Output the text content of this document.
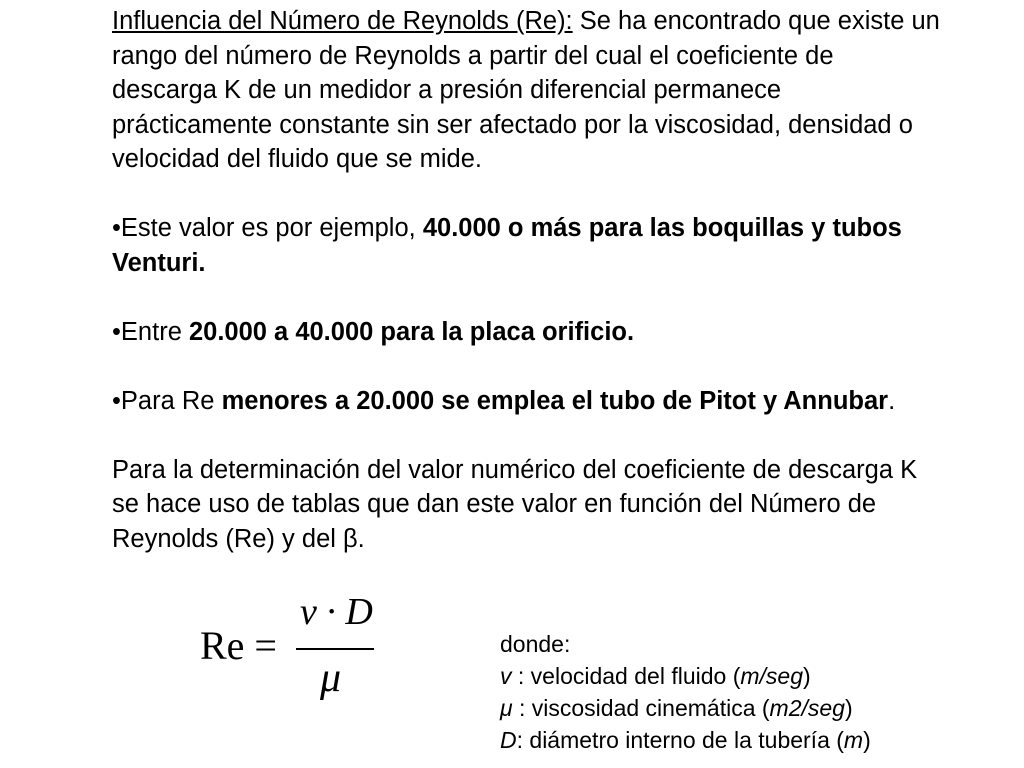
Influencia del Número de Reynolds (Re): Se ha encontrado que existe un rango del número de Reynolds a partir del cual el coeficiente de descarga K de un medidor a presión diferencial permanece prácticamente constante sin ser afectado por la viscosidad, densidad o velocidad del fluido que se mide.

•Este valor es por ejemplo, 40.000 o más para las boquillas y tubos Venturi.

•Entre 20.000 a 40.000 para la placa orificio.

•Para Re menores a 20.000 se emplea el tubo de Pitot y Annubar.

Para la determinación del valor numérico del coeficiente de descarga K se hace uso de tablas que dan este valor en función del Número de Reynolds (Re) y del β.

Re =
v · D
μ
donde:
v : velocidad del fluido (m/seg)
μ : viscosidad cinemática (m2/seg)
D: diámetro interno de la tubería (m)
